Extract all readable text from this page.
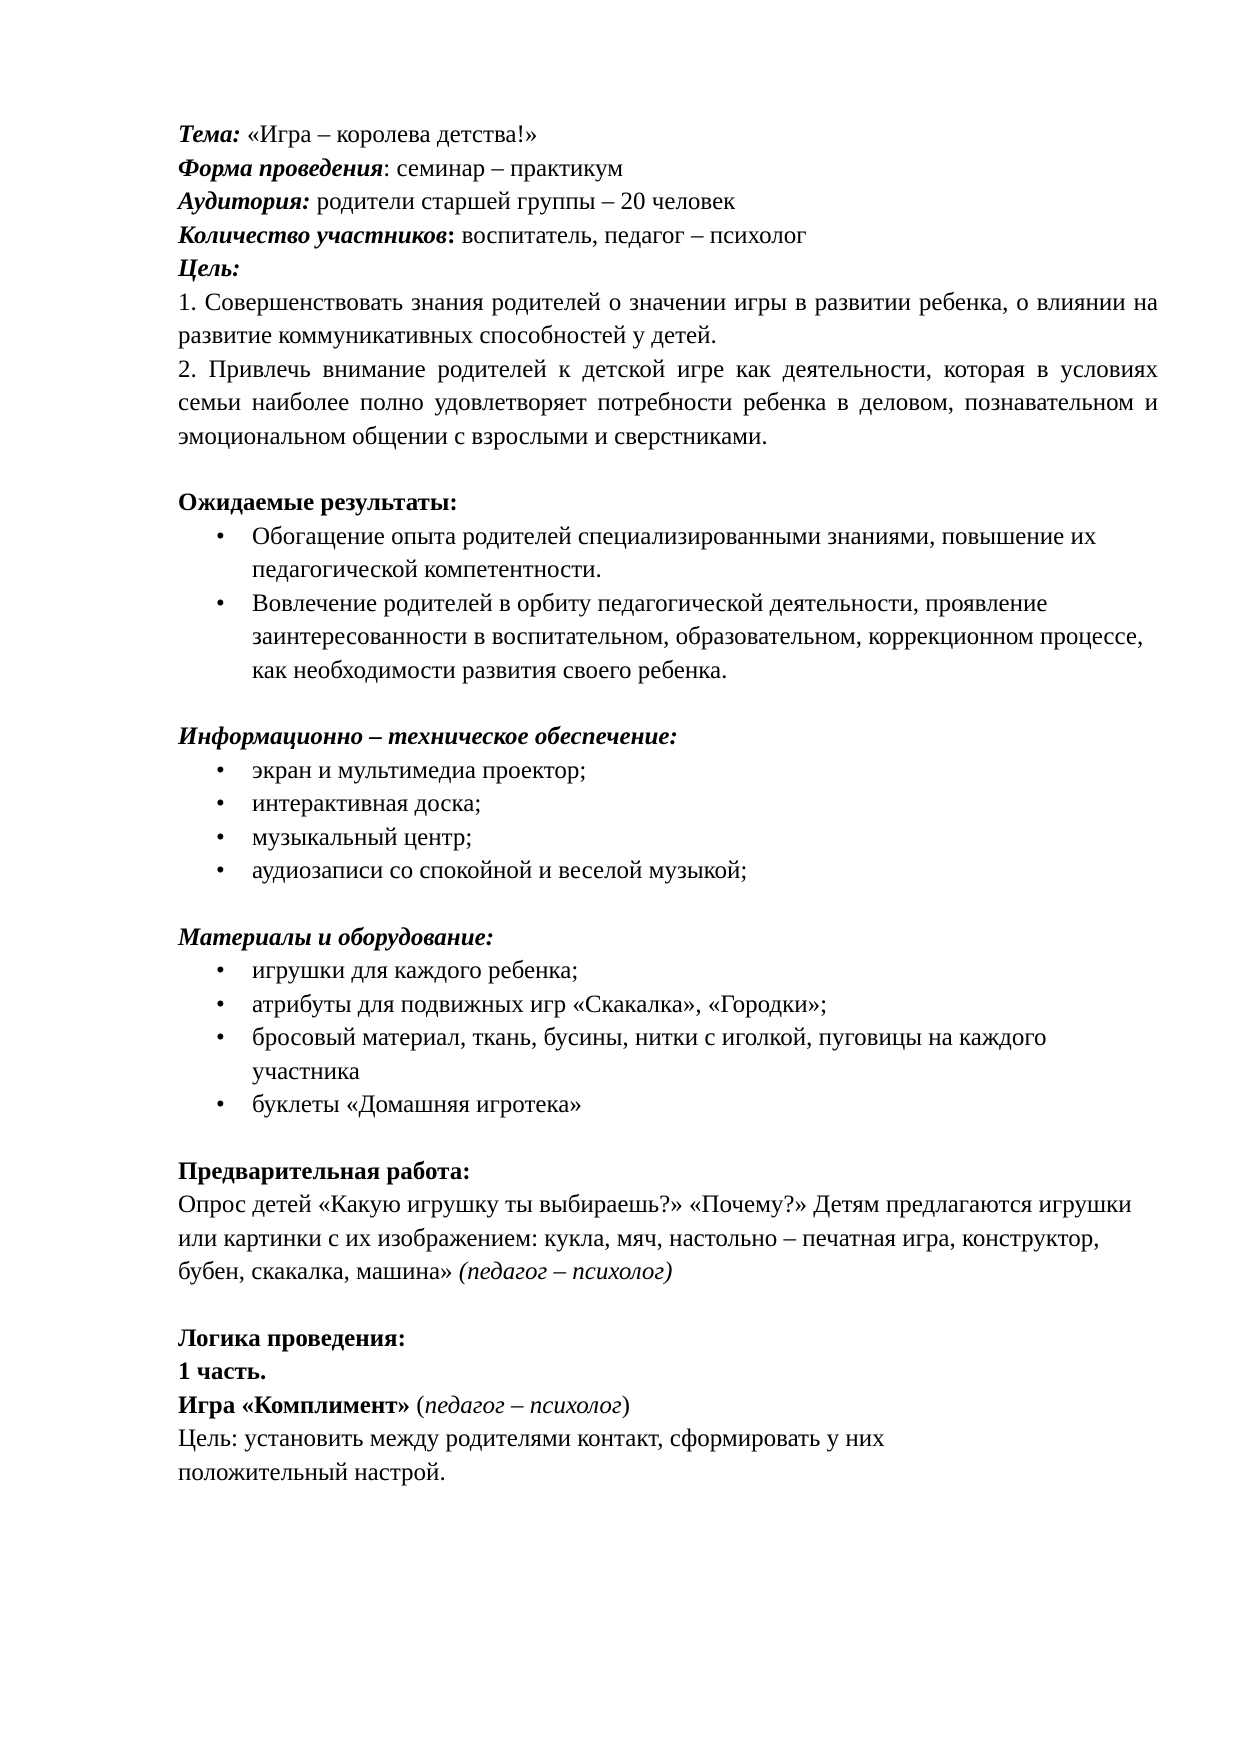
Тема: «Игра – королева детства!»

Форма проведения: семинар – практикум

Аудитория: родители старшей группы – 20 человек

Количество участников: воспитатель, педагог – психолог

Цель:

1. Совершенствовать знания родителей о значении игры в развитии ребенка, о влиянии на развитие коммуникативных способностей у детей.

2. Привлечь внимание родителей к детской игре как деятельности, которая в условиях семьи наиболее полно удовлетворяет потребности ребенка в деловом, познавательном и эмоциональном общении с взрослыми и сверстниками.

Ожидаемые результаты:

• Обогащение опыта родителей специализированными знаниями, повышение их педагогической компетентности.
• Вовлечение родителей в орбиту педагогической деятельности, проявление заинтересованности в воспитательном, образовательном, коррекционном процессе, как необходимости развития своего ребенка.

Информационно – техническое обеспечение:

• экран и мультимедиа проектор;
• интерактивная доска;
• музыкальный центр;
• аудиозаписи со спокойной и веселой музыкой;

Материалы и оборудование:

• игрушки для каждого ребенка;
• атрибуты для подвижных игр «Скакалка», «Городки»;
• бросовый материал, ткань, бусины, нитки с иголкой, пуговицы на каждого участника
• буклеты «Домашняя игротека»

Предварительная работа:

Опрос детей «Какую игрушку ты выбираешь?» «Почему?» Детям предлагаются игрушки или картинки с их изображением: кукла, мяч, настольно – печатная игра, конструктор, бубен, скакалка, машина» (педагог – психолог)

Логика проведения:

1 часть.

Игра «Комплимент» (педагог – психолог)

Цель: установить между родителями контакт, сформировать у них положительный настрой.
